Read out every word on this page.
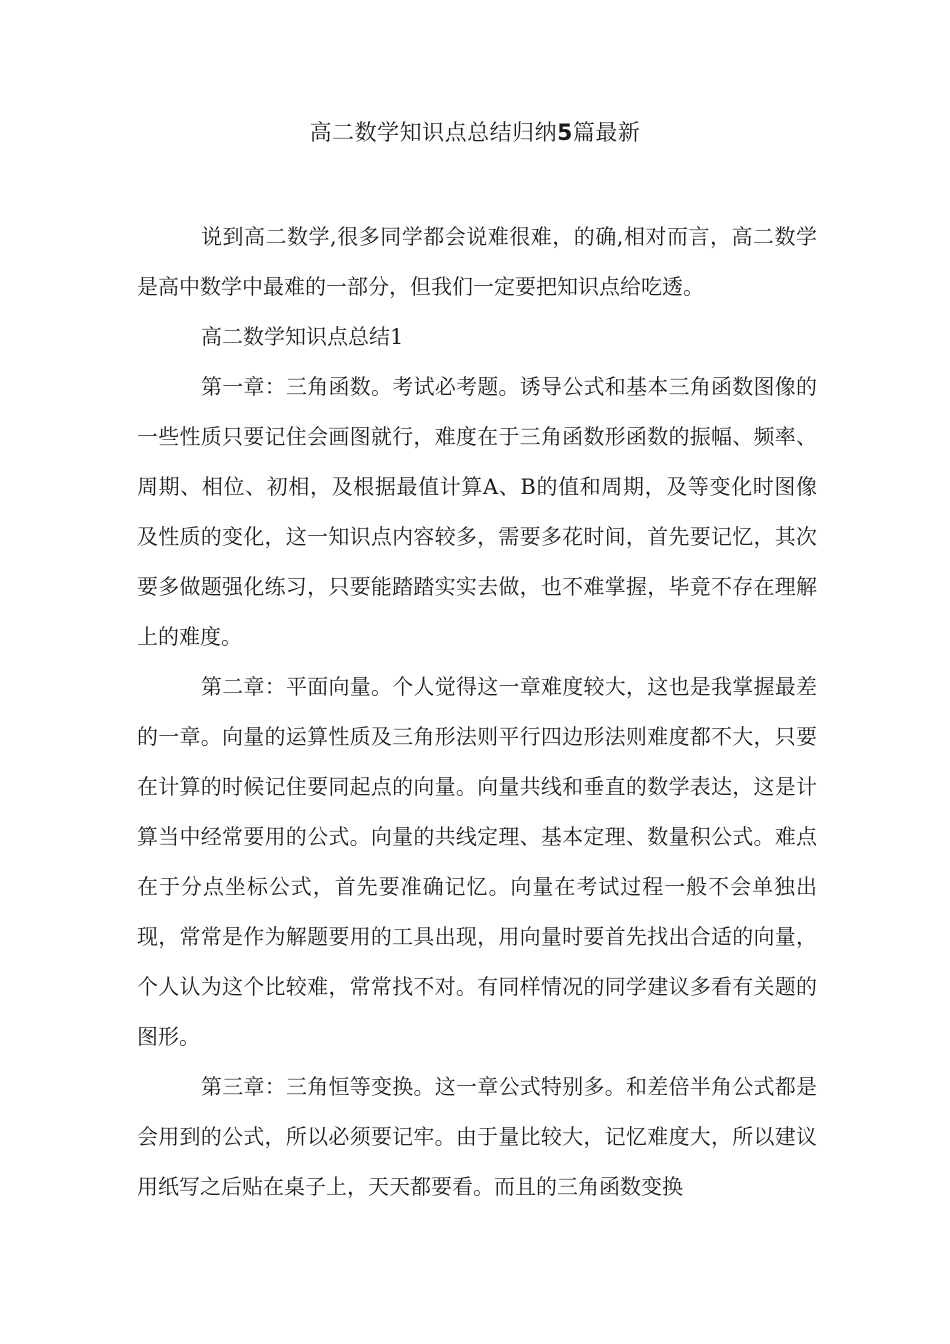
高二数学知识点总结归纳5篇最新

说到高二数学,很多同学都会说难很难，的确,相对而言，高二数学是高中数学中最难的一部分，但我们一定要把知识点给吃透。

高二数学知识点总结1

第一章：三角函数。考试必考题。诱导公式和基本三角函数图像的一些性质只要记住会画图就行，难度在于三角函数形函数的振幅、频率、周期、相位、初相，及根据最值计算A、B的值和周期，及等变化时图像及性质的变化，这一知识点内容较多，需要多花时间，首先要记忆，其次要多做题强化练习，只要能踏踏实实去做，也不难掌握，毕竟不存在理解上的难度。

第二章：平面向量。个人觉得这一章难度较大，这也是我掌握最差的一章。向量的运算性质及三角形法则平行四边形法则难度都不大，只要在计算的时候记住要同起点的向量。向量共线和垂直的数学表达，这是计算当中经常要用的公式。向量的共线定理、基本定理、数量积公式。难点在于分点坐标公式，首先要准确记忆。向量在考试过程一般不会单独出现，常常是作为解题要用的工具出现，用向量时要首先找出合适的向量，个人认为这个比较难，常常找不对。有同样情况的同学建议多看有关题的图形。

第三章：三角恒等变换。这一章公式特别多。和差倍半角公式都是会用到的公式，所以必须要记牢。由于量比较大，记忆难度大，所以建议用纸写之后贴在桌子上，天天都要看。而且的三角函数变换
